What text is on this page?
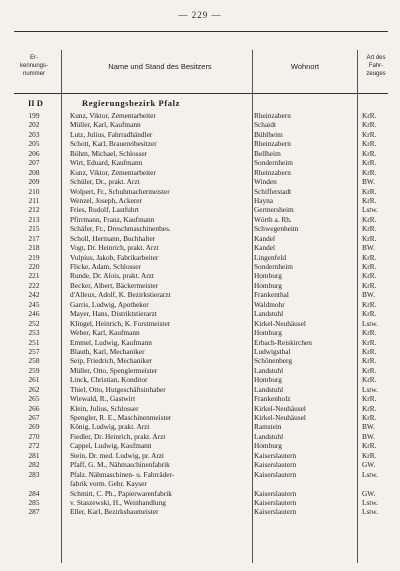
— 229 —
Er-
kennungs-
nummer
Name und Stand des Besitzers	Wohnort
Art des
Fahr-
zeuges
II D	Regierungsbezirk Pfalz
199	Kunz, Viktor, Zementarbeiter	Rheinzabern	KrR.
202	Müller, Karl, Kaufmann	Schaidt	KrR.
203	Lutz, Julius, Fahrradhändler	Bühlheim	KrR.
205	Schott, Karl, Brauereibesitzer	Rheinzabern	KrR.
206	Böhm, Michael, Schlosser	Bellheim	KrR.
207	Wirt, Eduard, Kaufmann	Sondernheim	KrR.
208	Kunz, Viktor, Zementarbeiter	Rheinzabern	KrR.
209	Schüler, Dr., prakt. Arzt	Winden	BW.
210	Wolpert, Fr., Schuhmachermeister	Schifferstadt	KrR.
211	Wenzel, Joseph, Ackerer	Hayna	KrR.
212	Fries, Rudolf, Lastfuhrt	Germersheim	Lstw.
213	Pfirrmann, Franz, Kaufmann	Wörth a. Rh.	KrR.
215	Schäfer, Fr., Dreschmaschinenbes.	Schwegenheim	KrR.
217	Scholl, Hermann, Buchhalter	Kandel	KrR.
218	Vogt, Dr. Heinrich, prakt. Arzt	Kandel	BW.
219	Vulpius, Jakob, Fabrikarbeiter	Lingenfeld	KrR.
220	Flicke, Adam, Schlosser	Sondernheim	KrR.
221	Runde, Dr. Alois, prakt. Arzt	Homburg	KrR.
222	Becker, Albert, Bäckermeister	Homburg	KrR.
242	d'Alleux, Adolf, K. Bezirkstierarzt	Frankenthal	BW.
245	Garris, Ludwig, Apotheker	Waldmohr	KrR.
246	Mayer, Hans, Distriktstierarzt	Landstuhl	KrR.
252	Klingel, Heinrich, K. Forstmeister	Kirkel-Neuhäusel	Lstw.
253	Weber, Karl, Kaufmann	Homburg	KrR.
251	Emmel, Ludwig, Kaufmann	Erbach-Reiskirchen	KrR.
257	Blauth, Karl, Mechaniker	Ludwigsthal	KrR.
258	Seip, Friedrich, Mechaniker	Schönenberg	KrR.
259	Müller, Otto, Spenglermeister	Landstuhl	KrR.
261	Linck, Christian, Konditor	Homburg	KrR.
262	Thiel, Otto, Hutgeschäftsinhaber	Landstuhl	Lstw.
265	Wiewald, R., Gastwirt	Frankenholz	KrR.
266	Klein, Julius, Schlosser	Kirkel-Neuhäusel	KrR.
267	Spengler, R. E., Maschinenmeister	Kirkel-Neuhäusel	KrR.
269	König, Ludwig, prakt. Arzt	Ramstein	BW.
270	Fiedler, Dr. Heinrich, prakt. Arzt	Landstuhl	BW.
272	Cappel, Ludwig, Kaufmann	Homburg	KrR.
281	Stein, Dr. med. Ludwig, pr. Arzt	Kaiserslautern	KrR.
282	Pfaff, G. M., Nähmaschinenfabrik	Kaiserslautern	GW.
283	Pfalz. Nähmaschinen- u. Fahrräder-
fabrik vorm. Gebr. Kayser
Kaiserslautern	Lstw.
284	Schmitt, C. Ph., Papierwarenfabrik	Kaiserslautern	GW.
285	v. Staszewski, H., Weinhandlung	Kaiserslautern	Lstw.
287	Eller, Karl, Bezirksbaumeister	Kaiserslautern	Lstw.
